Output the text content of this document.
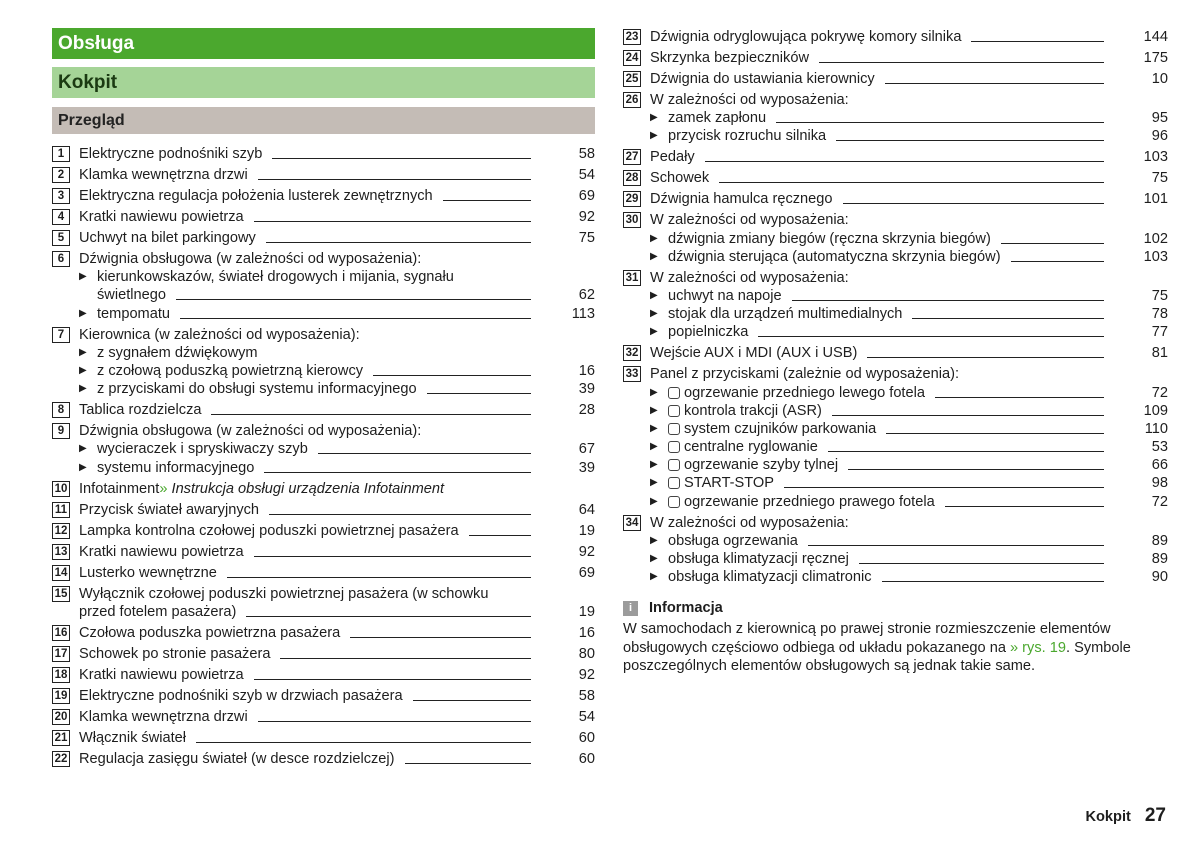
Obsługa
Kokpit
Przegląd
1	Elektryczne podnośniki szyb	58
2	Klamka wewnętrzna drzwi	54
3	Elektryczna regulacja położenia lusterek zewnętrznych	69
4	Kratki nawiewu powietrza	92
5	Uchwyt na bilet parkingowy	75
6	Dźwignia obsługowa (w zależności od wyposażenia):
▶ kierunkowskazów, świateł drogowych i mijania, sygnału
świetlnego	62
▶ tempomatu	113
7	Kierownica (w zależności od wyposażenia):
▶ z sygnałem dźwiękowym
▶ z czołową poduszką powietrzną kierowcy	16
▶ z przyciskami do obsługi systemu informacyjnego	39
8	Tablica rozdzielcza	28
9	Dźwignia obsługowa (w zależności od wyposażenia):
▶ wycieraczek i spryskiwaczy szyb	67
▶ systemu informacyjnego	39
10 Infotainment »
Instrukcja obsługi urządzenia Infotainment
11 Przycisk świateł awaryjnych	64
12 Lampka kontrolna czołowej poduszki powietrznej pasażera	19
13 Kratki nawiewu powietrza	92
14 Lusterko wewnętrzne	69
15 Wyłącznik czołowej poduszki powietrznej pasażera (w schowku
przed fotelem pasażera)	19
16 Czołowa poduszka powietrzna pasażera	16
17 Schowek po stronie pasażera	80
18 Kratki nawiewu powietrza	92
19 Elektryczne podnośniki szyb w drzwiach pasażera	58
20 Klamka wewnętrzna drzwi	54
21 Włącznik świateł	60
22 Regulacja zasięgu świateł (w desce rozdzielczej)	60
23 Dźwignia odryglowująca pokrywę komory silnika	144
24 Skrzynka bezpieczników	175
25 Dźwignia do ustawiania kierownicy	10
26 W zależności od wyposażenia:
▶ zamek zapłonu	95
▶ przycisk rozruchu silnika	96
27 Pedały	103
28 Schowek	75
29 Dźwignia hamulca ręcznego	101
30 W zależności od wyposażenia:
▶ dźwignia zmiany biegów (ręczna skrzynia biegów)	102
▶ dźwignia sterująca (automatyczna skrzynia biegów)	103
31 W zależności od wyposażenia:
▶ uchwyt na napoje	75
▶ stojak dla urządzeń multimedialnych	78
▶ popielniczka	77
32 Wejście AUX i MDI (AUX i USB)	81
33 Panel z przyciskami (zależnie od wyposażenia):
▶	ogrzewanie przedniego lewego fotela	72
▶	kontrola trakcji (ASR)	109
▶	system czujników parkowania	110
▶	centralne ryglowanie	53
▶	ogrzewanie szyby tylnej	66
▶	START-STOP	98
▶	ogrzewanie przedniego prawego fotela	72
34 W zależności od wyposażenia:
▶ obsługa ogrzewania	89
▶ obsługa klimatyzacji ręcznej	89
▶ obsługa klimatyzacji climatronic	90
i	Informacja
W samochodach z kierownicą po prawej stronie rozmieszczenie elementów obsługowych częściowo odbiega od układu pokazanego na » rys. 19. Symbole poszczególnych elementów obsługowych są jednak takie same.
Kokpit 27
